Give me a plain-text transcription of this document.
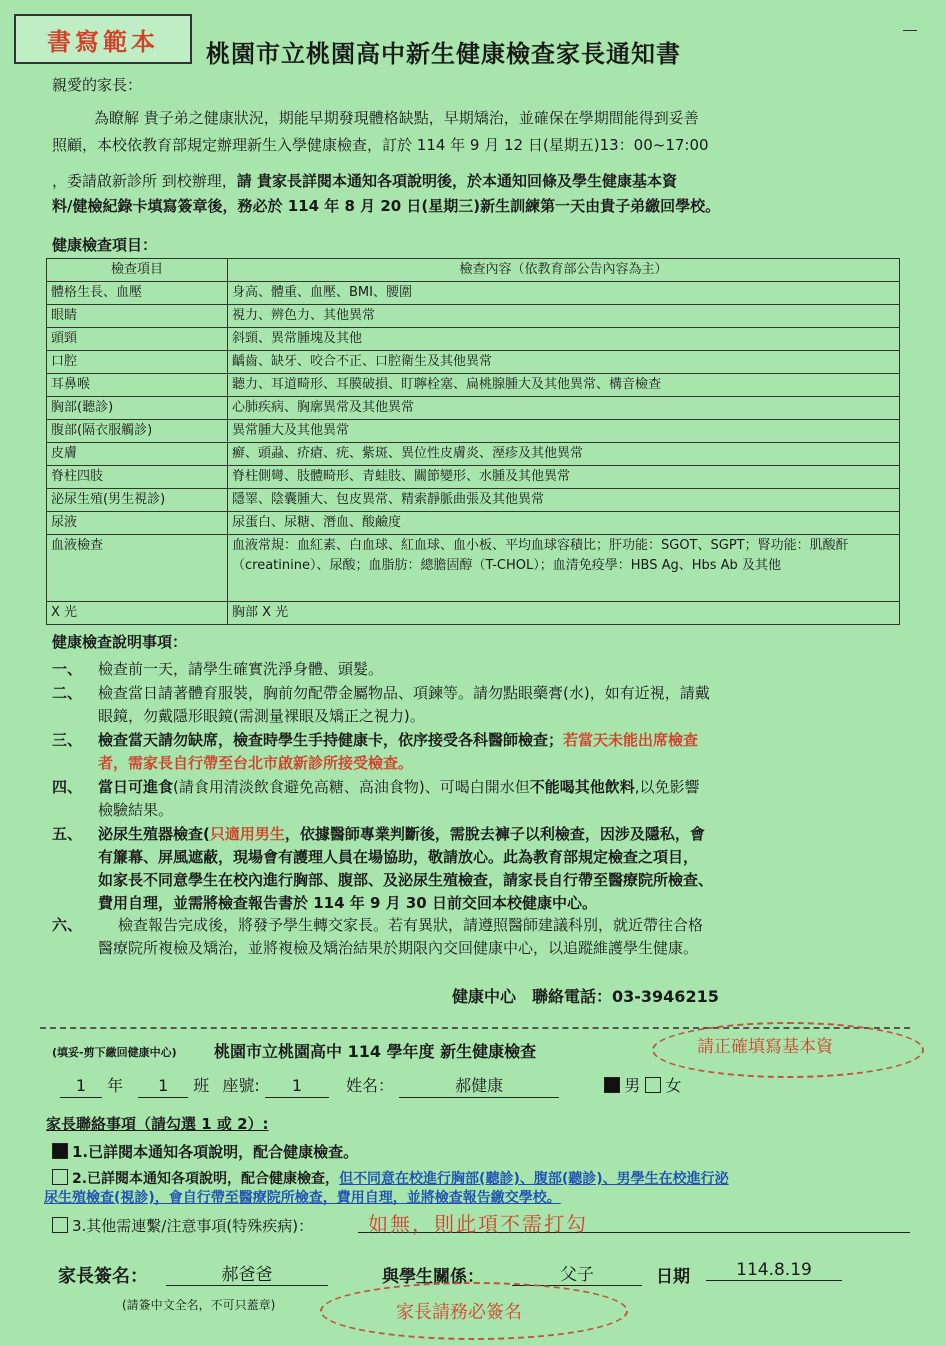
書寫範本	桃園市立桃園高中新生健康檢查家長通知書
親愛的家長：
為瞭解 貴子弟之健康狀況，期能早期發現體格缺點，早期矯治，並確保在學期間能得到妥善
照顧，本校依教育部規定辦理新生入學健康檢查，訂於 114 年 9 月 12 日(星期五)13：00~17:00
，委請啟新診所 到校辦理，請 貴家長詳閱本通知各項說明後，於本通知回條及學生健康基本資
料/健檢紀錄卡填寫簽章後，務必於 114 年 8 月 20 日(星期三)新生訓練第一天由貴子弟繳回學校。
健康檢查項目：
檢查項目	檢查內容（依教育部公告內容為主）
體格生長、血壓	身高、體重、血壓、BMI、腰圍
眼睛	視力、辨色力、其他異常
頭頸	斜頸、異常腫塊及其他
口腔	齲齒、缺牙、咬合不正、口腔衛生及其他異常
耳鼻喉	聽力、耳道畸形、耳膜破損、盯聹栓塞、扁桃腺腫大及其他異常、構音檢查
胸部(聽診)	心肺疾病、胸廓異常及其他異常
腹部(隔衣服觸診)	異常腫大及其他異常
皮膚	癬、頭蝨、疥瘡、疣、紫斑、異位性皮膚炎、溼疹及其他異常
脊柱四肢	脊柱側彎、肢體畸形、青蛙肢、關節變形、水腫及其他異常
泌尿生殖(男生視診)	隱睪、陰囊腫大、包皮異常、精索靜脈曲張及其他異常
尿液	尿蛋白、尿糖、潛血、酸鹼度
血液檢查	血液常規：血紅素、白血球、紅血球、血小板、平均血球容積比；肝功能：SGOT、SGPT；腎功能：肌酸酐（creatinine）、尿酸；血脂肪：總膽固醇（T-CHOL）；血清免疫學：HBS Ag、Hbs Ab 及其他
X 光	胸部 X 光
健康檢查說明事項：
一、 檢查前一天，請學生確實洗淨身體、頭髮。
二、 檢查當日請著體育服裝，胸前勿配帶金屬物品、項鍊等。請勿點眼藥膏(水)，如有近視，請戴
眼鏡，勿戴隱形眼鏡(需測量裸眼及矯正之視力)。
三、 檢查當天請勿缺席，檢查時學生手持健康卡，依序接受各科醫師檢查；若當天未能出席檢查
者，需家長自行帶至台北市啟新診所接受檢查。
四、 當日可進食(請食用清淡飲食避免高糖、高油食物)、可喝白開水但不能喝其他飲料,以免影響
檢驗結果。
五、 泌尿生殖器檢查(只適用男生，依據醫師專業判斷後，需脫去褲子以利檢查，因涉及隱私，會
有簾幕、屏風遮蔽，現場會有護理人員在場協助，敬請放心。此為教育部規定檢查之項目，
如家長不同意學生在校內進行胸部、腹部、及泌尿生殖檢查，請家長自行帶至醫療院所檢查、
費用自理，並需將檢查報告書於 114 年 9 月 30 日前交回本校健康中心。
六、 檢查報告完成後，將發予學生轉交家長。若有異狀，請遵照醫師建議科別，就近帶往合格
醫療院所複檢及矯治，並將複檢及矯治結果於期限內交回健康中心，以追蹤維護學生健康。
健康中心　聯絡電話：03-3946215
(填妥-剪下繳回健康中心) 桃園市立桃園高中 114 學年度 新生健康檢查	請正確填寫基本資
1 年 1 班 座號: 1	姓名：	郝健康	男 女
家長聯絡事項（請勾選 1 或 2）:
1.已詳閱本通知各項說明，配合健康檢查。
2.已詳閱本通知各項說明，配合健康檢查，但不同意在校進行胸部(聽診)、腹部(聽診)、男學生在校進行泌
尿生殖檢查(視診)，會自行帶至醫療院所檢查，費用自理，並將檢查報告繳交學校。
3.其他需連繫/注意事項(特殊疾病)：	如無，則此項不需打勾
家長簽名：	郝爸爸	與學生關係：	父子	日期	114.8.19
(請簽中文全名，不可只蓋章)	家長請務必簽名
